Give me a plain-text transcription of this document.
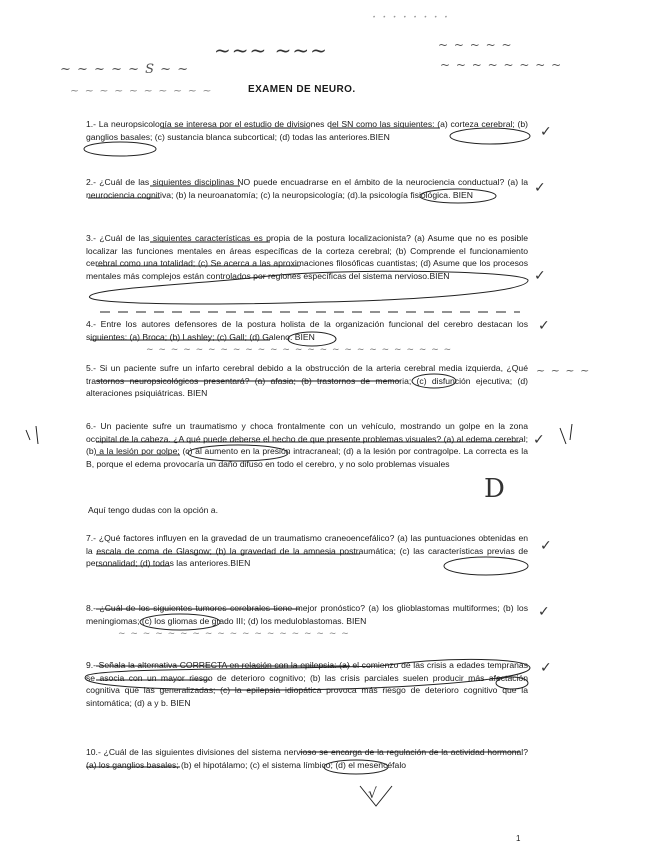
· · · · · · · ·
~ ~ ~ ~ ~ S ~ ~
~ ~ ~ ~ ~ ~ ~ ~ ~ ~
~~~ ~~~	~ ~ ~ ~ ~
~ ~ ~ ~ ~ ~ ~ ~
EXAMEN DE NEURO.
1.- La neuropsicología se interesa por el estudio de divisiones del SN como las siguientes: (a) corteza cerebral; (b) ganglios basales; (c) sustancia blanca subcortical; (d) todas las anteriores.BIEN	✓
2.- ¿Cuál de las siguientes disciplinas NO puede encuadrarse en el ámbito de la neurociencia conductual? (a) la neurociencia cognitiva; (b) la neuroanatomía; (c) la neuropsicología; (d).la psicología fisiológica. BIEN	✓
3.- ¿Cuál de las siguientes características es propia de la postura localizacionista? (a) Asume que no es posible localizar las funciones mentales en áreas específicas de la corteza cerebral; (b) Comprende el funcionamiento cerebral como una totalidad; (c) Se acerca a las aproximaciones filosóficas cuantistas; (d) Asume que los procesos mentales más complejos están controlados por regiones específicas del sistema nervioso.BIEN	✓
4.- Entre los autores defensores de la postura holista de la organización funcional del cerebro destacan los siguientes: (a) Broca; (b) Lashley; (c) Gall; (d) Galeno. BIEN
✓
~ ~ ~ ~ ~ ~ ~ ~ ~ ~ ~ ~ ~ ~ ~ ~ ~ ~ ~ ~ ~ ~ ~ ~ ~
5.- Si un paciente sufre un infarto cerebral debido a la obstrucción de la arteria cerebral media izquierda, ¿Qué trastornos neuropsicológicos presentará? (a) afasia; (b) trastornos de memoria; (c) disfunción ejecutiva; (d) alteraciones psiquiátricas. BIEN
~ ~ ~ ~
6.- Un paciente sufre un traumatismo y choca frontalmente con un vehículo, mostrando un golpe en la zona occipital de la cabeza. ¿A qué puede deberse el hecho de que presente problemas visuales? (a) al edema cerebral; (b) a la lesión por golpe; (c) al aumento en la presión intracraneal; (d) a la lesión por contragolpe. La correcta es la B, porque el edema provocaría un daño difuso en todo el cerebro, y no solo problemas visuales
✓
D
Aquí tengo dudas con la opción a.
7.- ¿Qué factores influyen en la gravedad de un traumatismo craneoencefálico? (a) las puntuaciones obtenidas en la escala de coma de Glasgow; (b) la gravedad de la amnesia postraumática; (c) las características previas de personalidad; (d) todas las anteriores.BIEN
✓
8.- ¿Cuál de los siguientes tumores cerebrales tiene mejor pronóstico? (a) los glioblastomas multiformes; (b) los meningiomas; (c) los gliomas de grado III; (d) los meduloblastomas. BIEN
✓
~ ~ ~ ~ ~ ~ ~ ~ ~ ~ ~ ~ ~ ~ ~ ~ ~ ~ ~
9.- Señala la alternativa CORRECTA en relación con la epilepsia: (a) el comienzo de las crisis a edades tempranas se asocia con un mayor riesgo de deterioro cognitivo; (b) las crisis parciales suelen producir más afectación cognitiva que las generalizadas; (c) la epilepsia idiopática provoca más riesgo de deterioro cognitivo que la sintomática; (d) a y b. BIEN
✓
10.- ¿Cuál de las siguientes divisiones del sistema nervioso se encarga de la regulación de la actividad hormonal? (a) los ganglios basales; (b) el hipotálamo; (c) el sistema límbico; (d) el mesencéfalo
√
1
